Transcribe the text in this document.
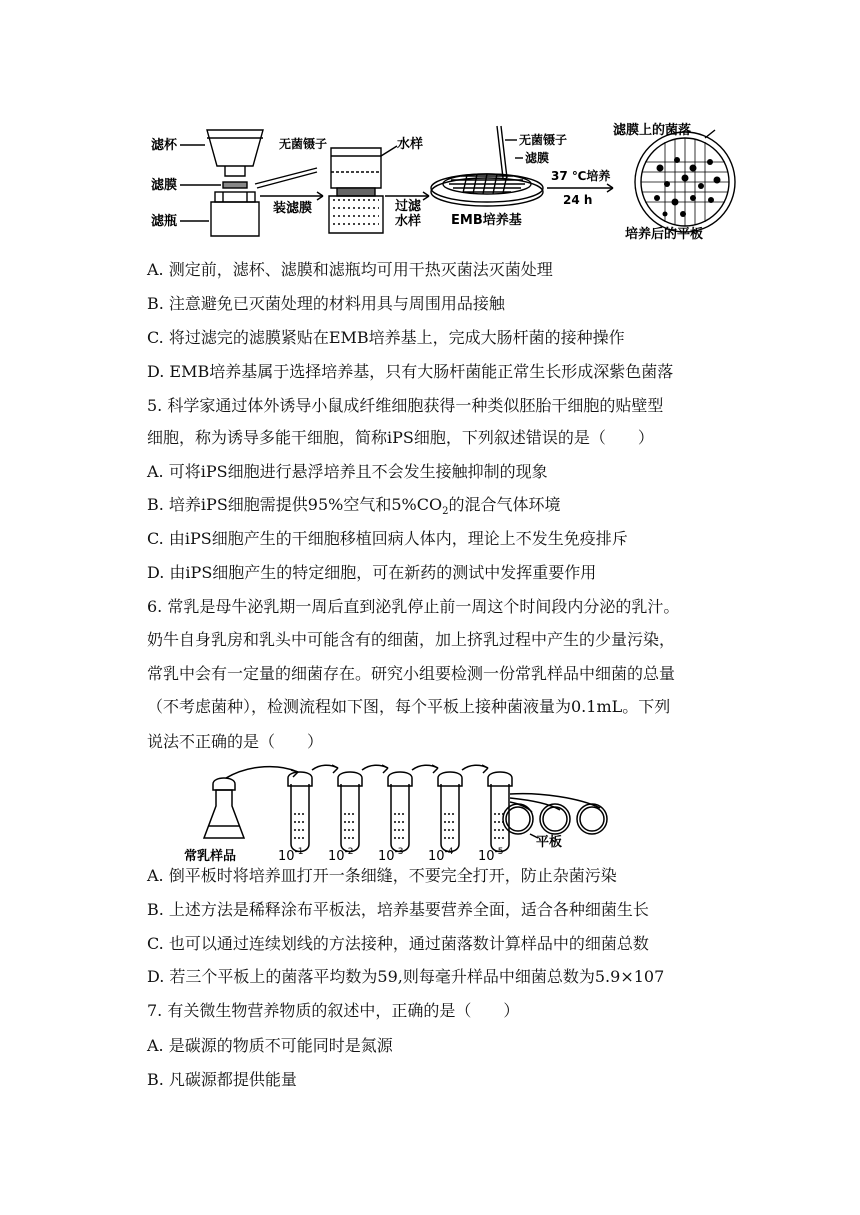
滤杯
滤膜
滤瓶
无菌镊子
装滤膜
水样
过滤
水样 EMB培养基
无菌镊子
滤膜
37 ℃培养
24 h
滤膜上的菌落
培养后的平板
A. 测定前，滤杯、滤膜和滤瓶均可用干热灭菌法灭菌处理
B. 注意避免已灭菌处理的材料用具与周围用品接触
C. 将过滤完的滤膜紧贴在EMB培养基上，完成大肠杆菌的接种操作
D. EMB培养基属于选择培养基，只有大肠杆菌能正常生长形成深紫色菌落
5. 科学家通过体外诱导小鼠成纤维细胞获得一种类似胚胎干细胞的贴壁型
细胞，称为诱导多能干细胞，简称iPS细胞，下列叙述错误的是（　　）
A. 可将iPS细胞进行悬浮培养且不会发生接触抑制的现象
B. 培养iPS细胞需提供95%空气和$5\%CO_2$的混合气体环境
C. 由iPS细胞产生的干细胞移植回病人体内，理论上不发生免疫排斥
D. 由iPS细胞产生的特定细胞，可在新药的测试中发挥重要作用
6. 常乳是母牛泌乳期一周后直到泌乳停止前一周这个时间段内分泌的乳汁。
奶牛自身乳房和乳头中可能含有的细菌，加上挤乳过程中产生的少量污染，
常乳中会有一定量的细菌存在。研究小组要检测一份常乳样品中细菌的总量
（不考虑菌种），检测流程如下图，每个平板上接种菌液量为0.1mL。下列
说法不正确的是（　　）
常乳样品
平板
$10^{-1}$ $10^{-2}$ $10^{-3}$ $10^{-4}$ $10^{-5}$
A. 倒平板时将培养皿打开一条细缝，不要完全打开，防止杂菌污染
B. 上述方法是稀释涂布平板法，培养基要营养全面，适合各种细菌生长
C. 也可以通过连续划线的方法接种，通过菌落数计算样品中的细菌总数
D. 若三个平板上的菌落平均数为59,则每毫升样品中细菌总数为5.9×107
7. 有关微生物营养物质的叙述中，正确的是（　　）
A. 是碳源的物质不可能同时是氮源
B. 凡碳源都提供能量
